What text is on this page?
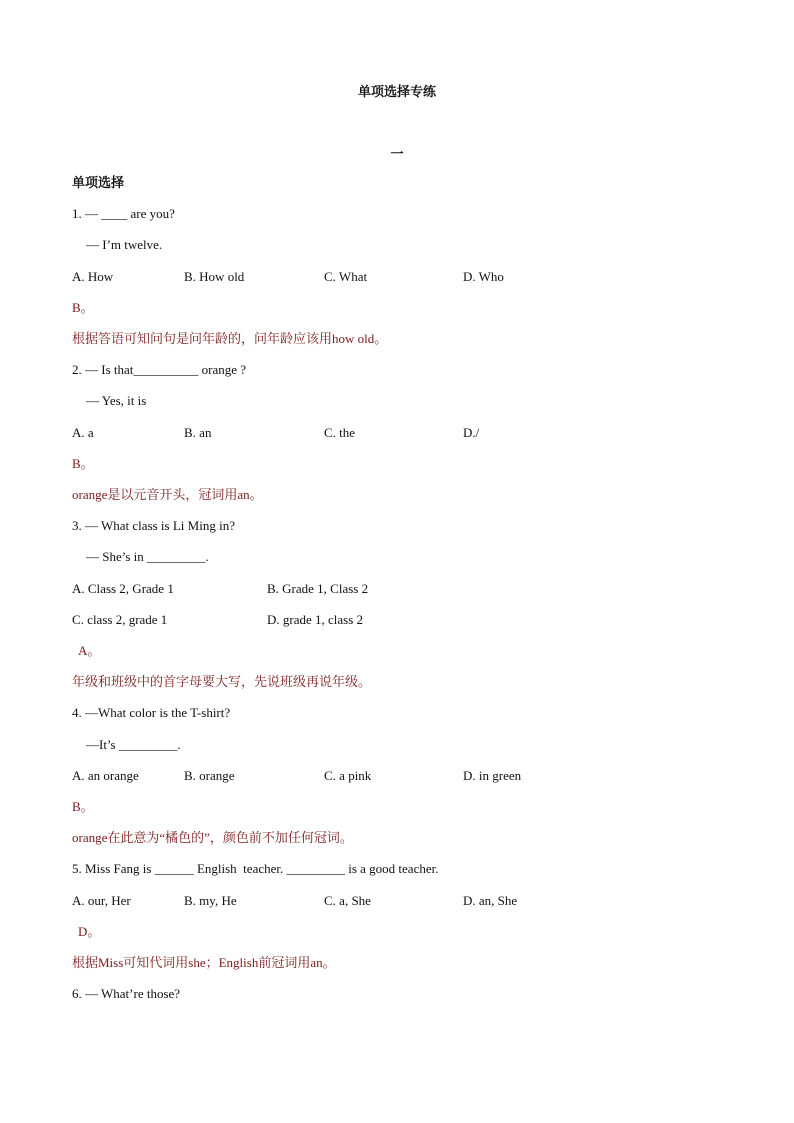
单项选择专练
一
单项选择
1. — ____ are you?
— I’m twelve.
A. How	B. How old	C. What	D. Who
B。
根据答语可知问句是问年龄的，问年龄应该用how old。
2. — Is that__________ orange ?
— Yes, it is
A. a	B. an	C. the	D./
B。
orange是以元音开头，冠词用an。
3. — What class is Li Ming in?
— She’s in _________.
A. Class 2, Grade 1	B. Grade 1, Class 2
C. class 2, grade 1	D. grade 1, class 2
A。
年级和班级中的首字母要大写，先说班级再说年级。
4. —What color is the T-shirt?
—It’s _________.
A. an orange	B. orange	C. a pink	D. in green
B。
orange在此意为“橘色的”，颜色前不加任何冠词。
5. Miss Fang is ______ English  teacher. _________ is a good teacher.
A. our, Her	B. my, He	C. a, She	D. an, She
D。
根据Miss可知代词用she；English前冠词用an。
6. — What’re those?
